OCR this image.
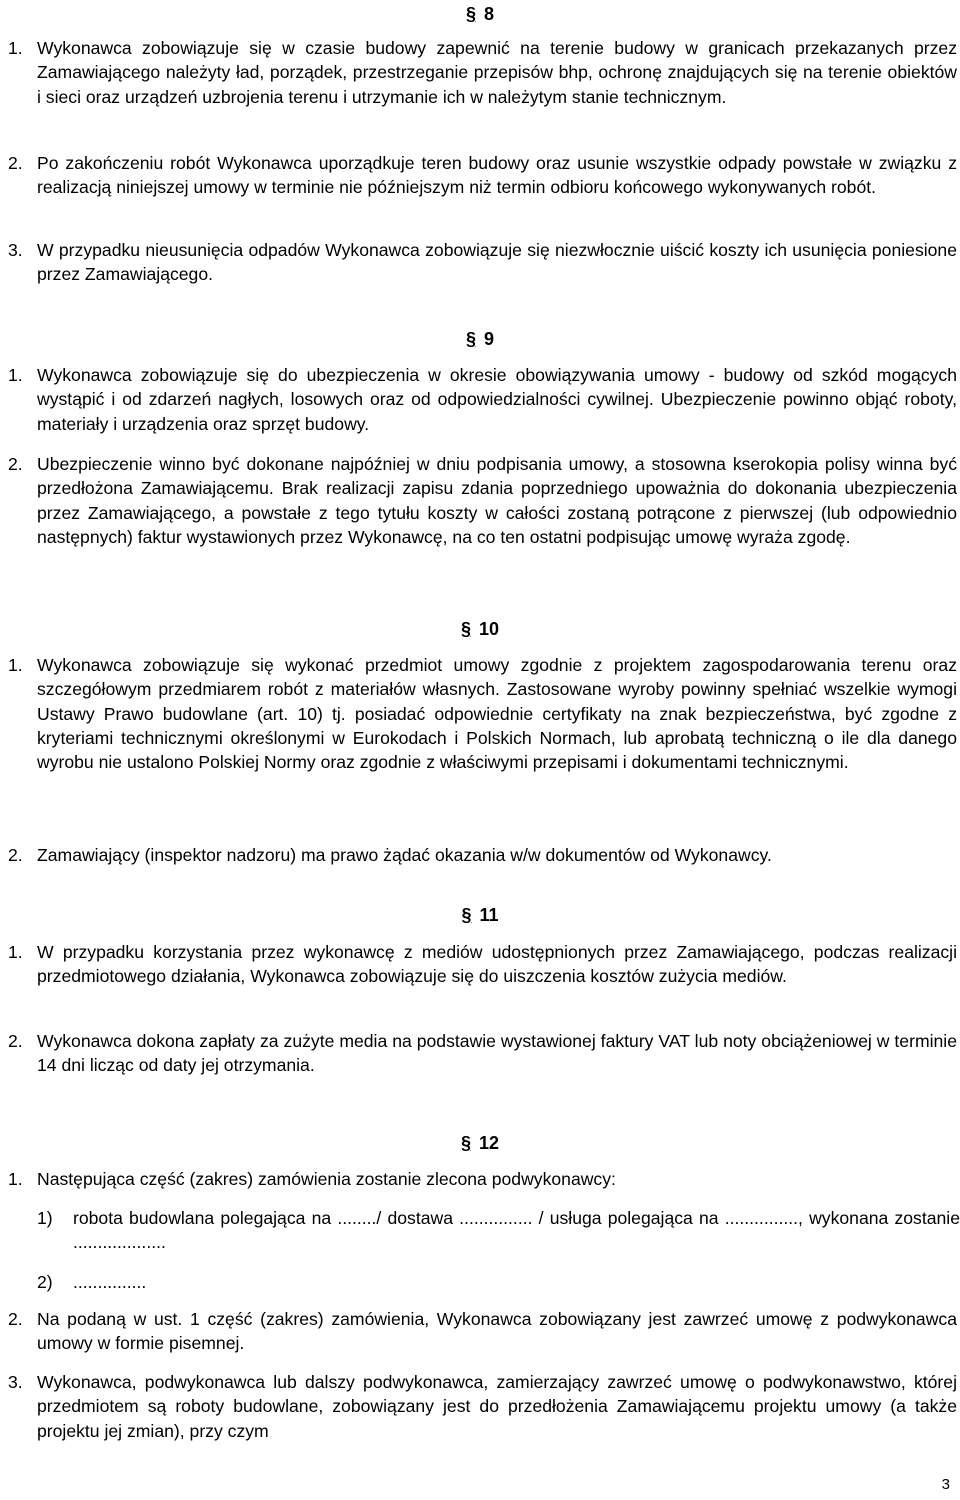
§ 8
1. Wykonawca zobowiązuje się w czasie budowy zapewnić na terenie budowy w granicach przekazanych przez Zamawiającego należyty ład, porządek, przestrzeganie przepisów bhp, ochronę znajdujących się na terenie obiektów i sieci oraz urządzeń uzbrojenia terenu i utrzymanie ich w należytym stanie technicznym.
2. Po zakończeniu robót Wykonawca uporządkuje teren budowy oraz usunie wszystkie odpady powstałe w związku z realizacją niniejszej umowy w terminie nie późniejszym niż termin odbioru końcowego wykonywanych robót.
3. W przypadku nieusunięcia odpadów Wykonawca zobowiązuje się niezwłocznie uiścić koszty ich usunięcia poniesione przez Zamawiającego.
§ 9
1. Wykonawca zobowiązuje się do ubezpieczenia w okresie obowiązywania umowy - budowy od szkód mogących wystąpić i od zdarzeń nagłych, losowych oraz od odpowiedzialności cywilnej. Ubezpieczenie powinno objąć roboty, materiały i urządzenia oraz sprzęt budowy.
2. Ubezpieczenie winno być dokonane najpóźniej w dniu podpisania umowy, a stosowna kserokopia polisy winna być przedłożona Zamawiającemu. Brak realizacji zapisu zdania poprzedniego upoważnia do dokonania ubezpieczenia przez Zamawiającego, a powstałe z tego tytułu koszty w całości zostaną potrącone z pierwszej (lub odpowiednio następnych) faktur wystawionych przez Wykonawcę, na co ten ostatni podpisując umowę wyraża zgodę.
§ 10
1. Wykonawca zobowiązuje się wykonać przedmiot umowy zgodnie z projektem zagospodarowania terenu oraz szczegółowym przedmiarem robót z materiałów własnych. Zastosowane wyroby powinny spełniać wszelkie wymogi Ustawy Prawo budowlane (art. 10) tj. posiadać odpowiednie certyfikaty na znak bezpieczeństwa, być zgodne z kryteriami technicznymi określonymi w Eurokodach i Polskich Normach, lub aprobatą techniczną o ile dla danego wyrobu nie ustalono Polskiej Normy oraz zgodnie z właściwymi przepisami i dokumentami technicznymi.
2. Zamawiający (inspektor nadzoru) ma prawo żądać okazania w/w dokumentów od Wykonawcy.
§ 11
1. W przypadku korzystania przez wykonawcę z mediów udostępnionych przez Zamawiającego, podczas realizacji przedmiotowego działania, Wykonawca zobowiązuje się do uiszczenia kosztów zużycia mediów.
2. Wykonawca dokona zapłaty za zużyte media na podstawie wystawionej faktury VAT lub noty obciążeniowej w terminie 14 dni licząc od daty jej otrzymania.
§ 12
1. Następująca część (zakres) zamówienia zostanie zlecona podwykonawcy:
1) robota budowlana polegająca na ......../ dostawa ............... / usługa polegająca na ..............., wykonana zostanie ...................
2) ...............
2. Na podaną w ust. 1 część (zakres) zamówienia, Wykonawca zobowiązany jest zawrzeć umowę z podwykonawca umowy w formie pisemnej.
3. Wykonawca, podwykonawca lub dalszy podwykonawca, zamierzający zawrzeć umowę o podwykonawstwo, której przedmiotem są roboty budowlane, zobowiązany jest do przedłożenia Zamawiającemu projektu umowy (a także projektu jej zmian), przy czym
3
